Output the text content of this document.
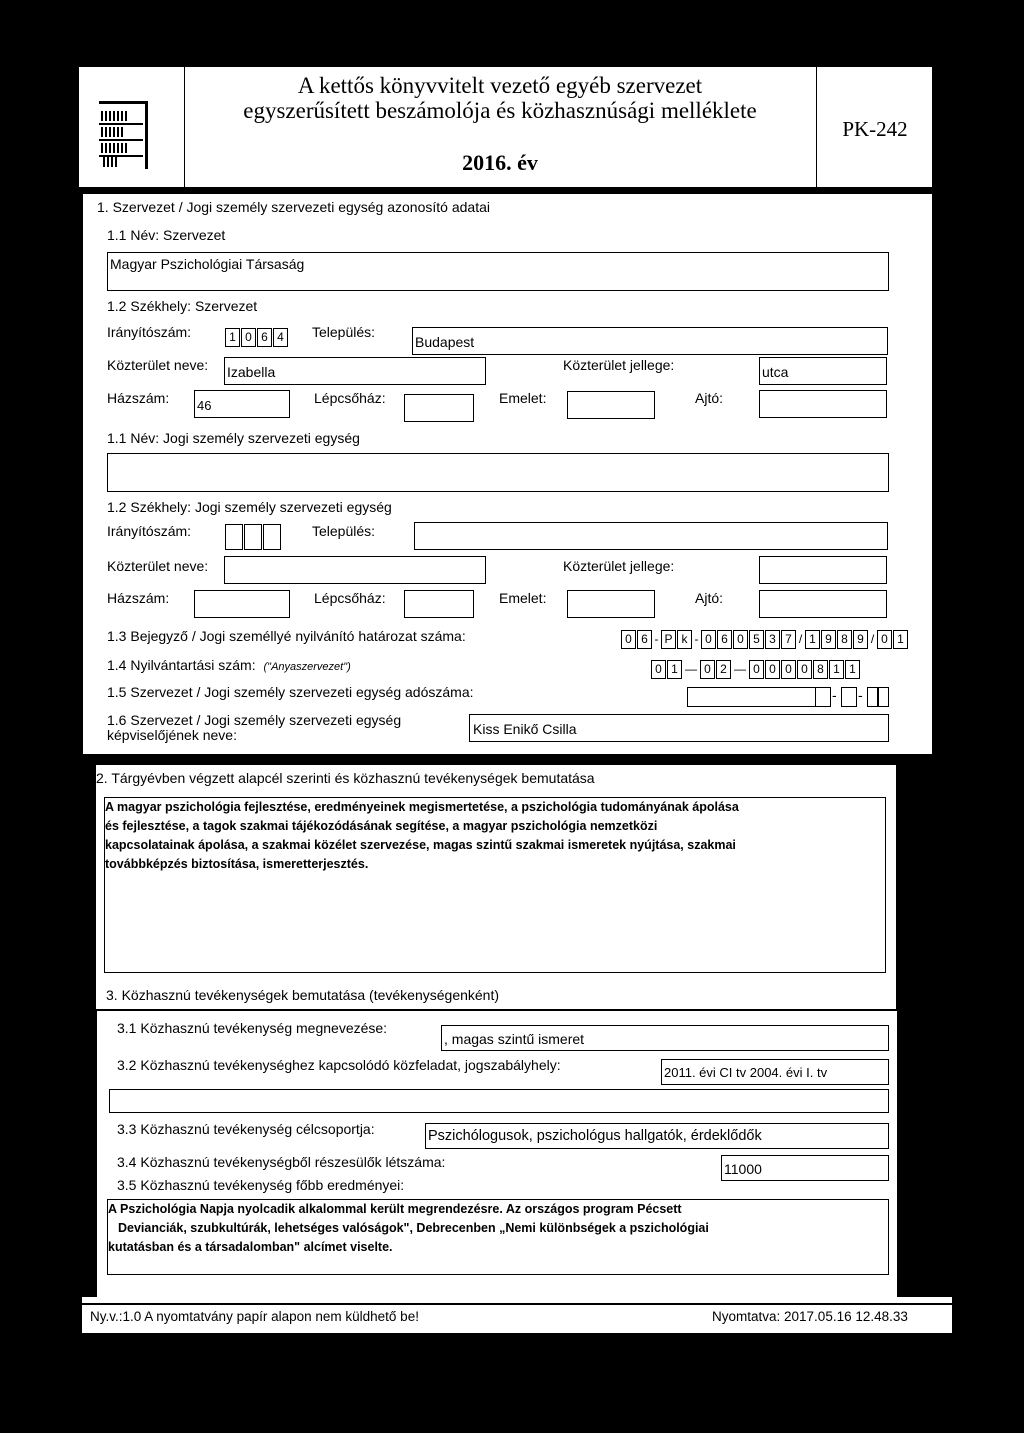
A kettős könyvvitelt vezető egyéb szervezet
egyszerűsített beszámolója és közhasznúsági melléklete
2016. év
PK-242
1. Szervezet / Jogi személy szervezeti egység azonosító adatai
1.1 Név: Szervezet
Magyar Pszichológiai Társaság
1.2 Székhely: Szervezet
Irányítószám:	1 0 6 4 Település:
Budapest
Közterület neve: Izabella	Közterület jellege:	utca
Házszám: 46	Lépcsőház:	Emelet:	Ajtó:
1.1 Név: Jogi személy szervezeti egység
1.2 Székhely: Jogi személy szervezeti egység
Irányítószám:	Település:
Közterület neve:	Közterület jellege:
Házszám:	Lépcsőház:	Emelet:	Ajtó:
1.3 Bejegyző / Jogi személlyé nyilvánító határozat száma:	0 6 - P k - 0 6 0 5 3 7 / 1 9 8 9 / 0 1
1.4 Nyilvántartási szám: ("Anyaszervezet")	0 1 — 0 2 — 0 0 0 0 8 1 1
1.5 Szervezet / Jogi személy szervezeti egység adószáma:	- -
1.6 Szervezet / Jogi személy szervezeti egység
képviselőjének neve:	Kiss Enikő Csilla
2. Tárgyévben végzett alapcél szerinti és közhasznú tevékenységek bemutatása
A magyar pszichológia fejlesztése, eredményeinek megismertetése, a pszichológia tudományának ápolása
és fejlesztése, a tagok szakmai tájékozódásának segítése, a magyar pszichológia nemzetközi
kapcsolatainak ápolása, a szakmai közélet szervezése, magas szintű szakmai ismeretek nyújtása, szakmai
továbbképzés biztosítása, ismeretterjesztés.
3. Közhasznú tevékenységek bemutatása (tevékenységenként)
3.1 Közhasznú tevékenység megnevezése:
, magas szintű ismeret
3.2 Közhasznú tevékenységhez kapcsolódó közfeladat, jogszabályhely:	2011. évi CI tv 2004. évi I. tv
3.3 Közhasznú tevékenység célcsoportja:	Pszichólogusok, pszichológus hallgatók, érdeklődők
3.4 Közhasznú tevékenységből részesülők létszáma:	11000
3.5 Közhasznú tevékenység főbb eredményei:
A Pszichológia Napja nyolcadik alkalommal került megrendezésre. Az országos program Pécsett
Devianciák, szubkultúrák, lehetséges valóságok", Debrecenben „Nemi különbségek a pszichológiai
kutatásban és a társadalomban" alcímet viselte.
Ny.v.:1.0 A nyomtatvány papír alapon nem küldhető be!	Nyomtatva: 2017.05.16 12.48.33
